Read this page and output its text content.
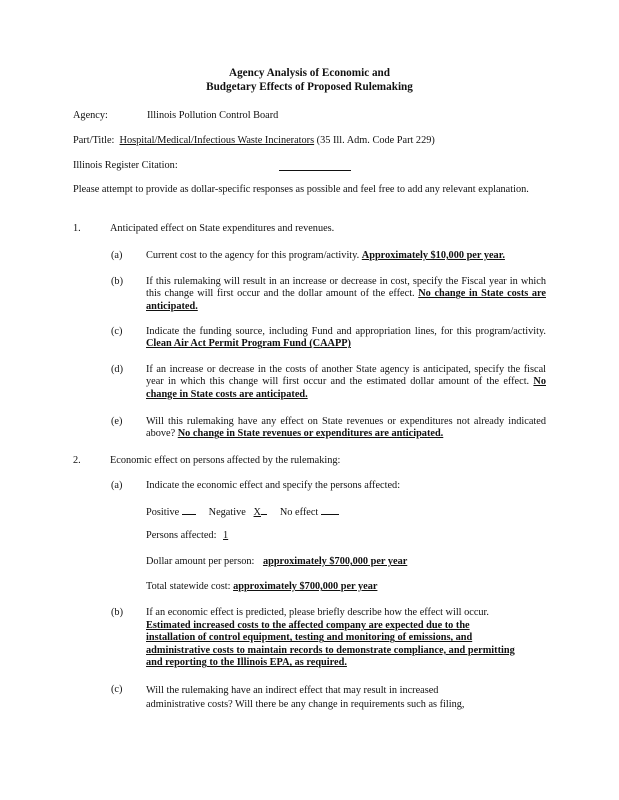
Agency Analysis of Economic and
Budgetary Effects of Proposed Rulemaking
Agency:	Illinois Pollution Control Board
Part/Title: Hospital/Medical/Infectious Waste Incinerators (35 Ill. Adm. Code Part 229)
Illinois Register Citation:
Please attempt to provide as dollar-specific responses as possible and feel free to add any relevant explanation.
1.	Anticipated effect on State expenditures and revenues.
(a) Current cost to the agency for this program/activity. Approximately $10,000 per year.
(b) If this rulemaking will result in an increase or decrease in cost, specify the Fiscal year in which this change will first occur and the dollar amount of the effect. No change in State costs are anticipated.
(c) Indicate the funding source, including Fund and appropriation lines, for this program/activity. Clean Air Act Permit Program Fund (CAAPP)
(d) If an increase or decrease in the costs of another State agency is anticipated, specify the fiscal year in which this change will first occur and the estimated dollar amount of the effect. No change in State costs are anticipated.
(e) Will this rulemaking have any effect on State revenues or expenditures not already indicated above? No change in State revenues or expenditures are anticipated.
2.	Economic effect on persons affected by the rulemaking:
(a) Indicate the economic effect and specify the persons affected:
Positive	Negative X No effect
Persons affected: 1
Dollar amount per person: approximately $700,000 per year
Total statewide cost: approximately $700,000 per year
(b) If an economic effect is predicted, please briefly describe how the effect will occur.
Estimated increased costs to the affected company are expected due to the
installation of control equipment, testing and monitoring of emissions, and
administrative costs to maintain records to demonstrate compliance, and permitting
and reporting to the Illinois EPA, as required.
(c) Will the rulemaking have an indirect effect that may result in increased
administrative costs? Will there be any change in requirements such as filing,
